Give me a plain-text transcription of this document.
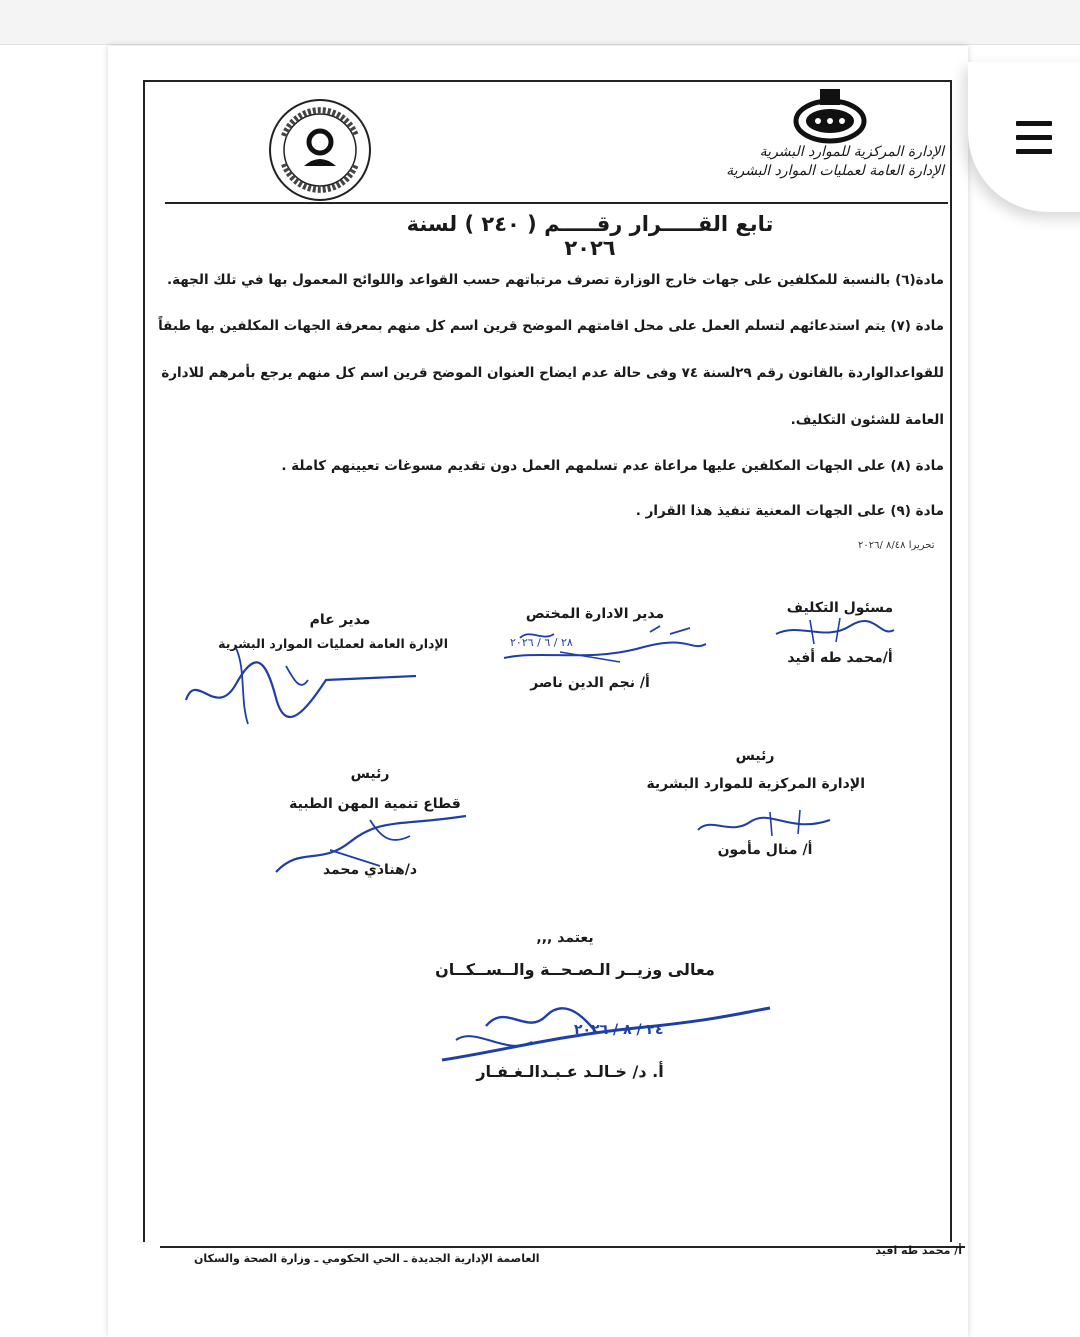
الإدارة المركزية للموارد البشرية
الإدارة العامة لعمليات الموارد البشرية
تابع القـــــرار رقـــــم ( ٢٤٠ ) لسنة ٢٠٢٦
مادة(٦) بالنسبة للمكلفين على جهات خارج الوزارة تصرف مرتباتهم حسب القواعد واللوائح المعمول بها في تلك الجهة.
مادة (٧) يتم استدعائهم لتسلم العمل على محل اقامتهم الموضح قرين اسم كل منهم بمعرفة الجهات المكلفين بها طبقاً
للقواعدالواردة بالقانون رقم ٢٩لسنة ٧٤ وفى حالة عدم ايضاح العنوان الموضح قرين اسم كل منهم يرجع بأمرهم للادارة
العامة للشئون التكليف.
مادة (٨) على الجهات المكلفين عليها مراعاة عدم تسلمهم العمل دون تقديم مسوغات تعيينهم كاملة .
مادة (٩) على الجهات المعنية تنفيذ هذا القرار .
تحريرا ٨/٤٨ /٢٠٢٦
مسئول التكليف
أ/محمد طه أفيد
مدير الادارة المختص
أ/ نجم الدين ناصر
٢٨ / ٦ / ٢٠٢٦
مدير عام
الإدارة العامة لعمليات الموارد البشرية
رئيس
الإدارة المركزية للموارد البشرية
أ/ منال مأمون
رئيس
قطاع تنمية المهن الطبية
د/هنادي محمد
يعتمد ,,,
معالى وزيــر الـصـحــة والــســكــان
٢٤ / ٨ / ٢٠٢٦
أ. د/ خـالـد عـبـدالـغـفـار
أ/ محمد طه افيد
العاصمة الإدارية الجديدة ـ الحي الحكومي ـ وزارة الصحة والسكان
